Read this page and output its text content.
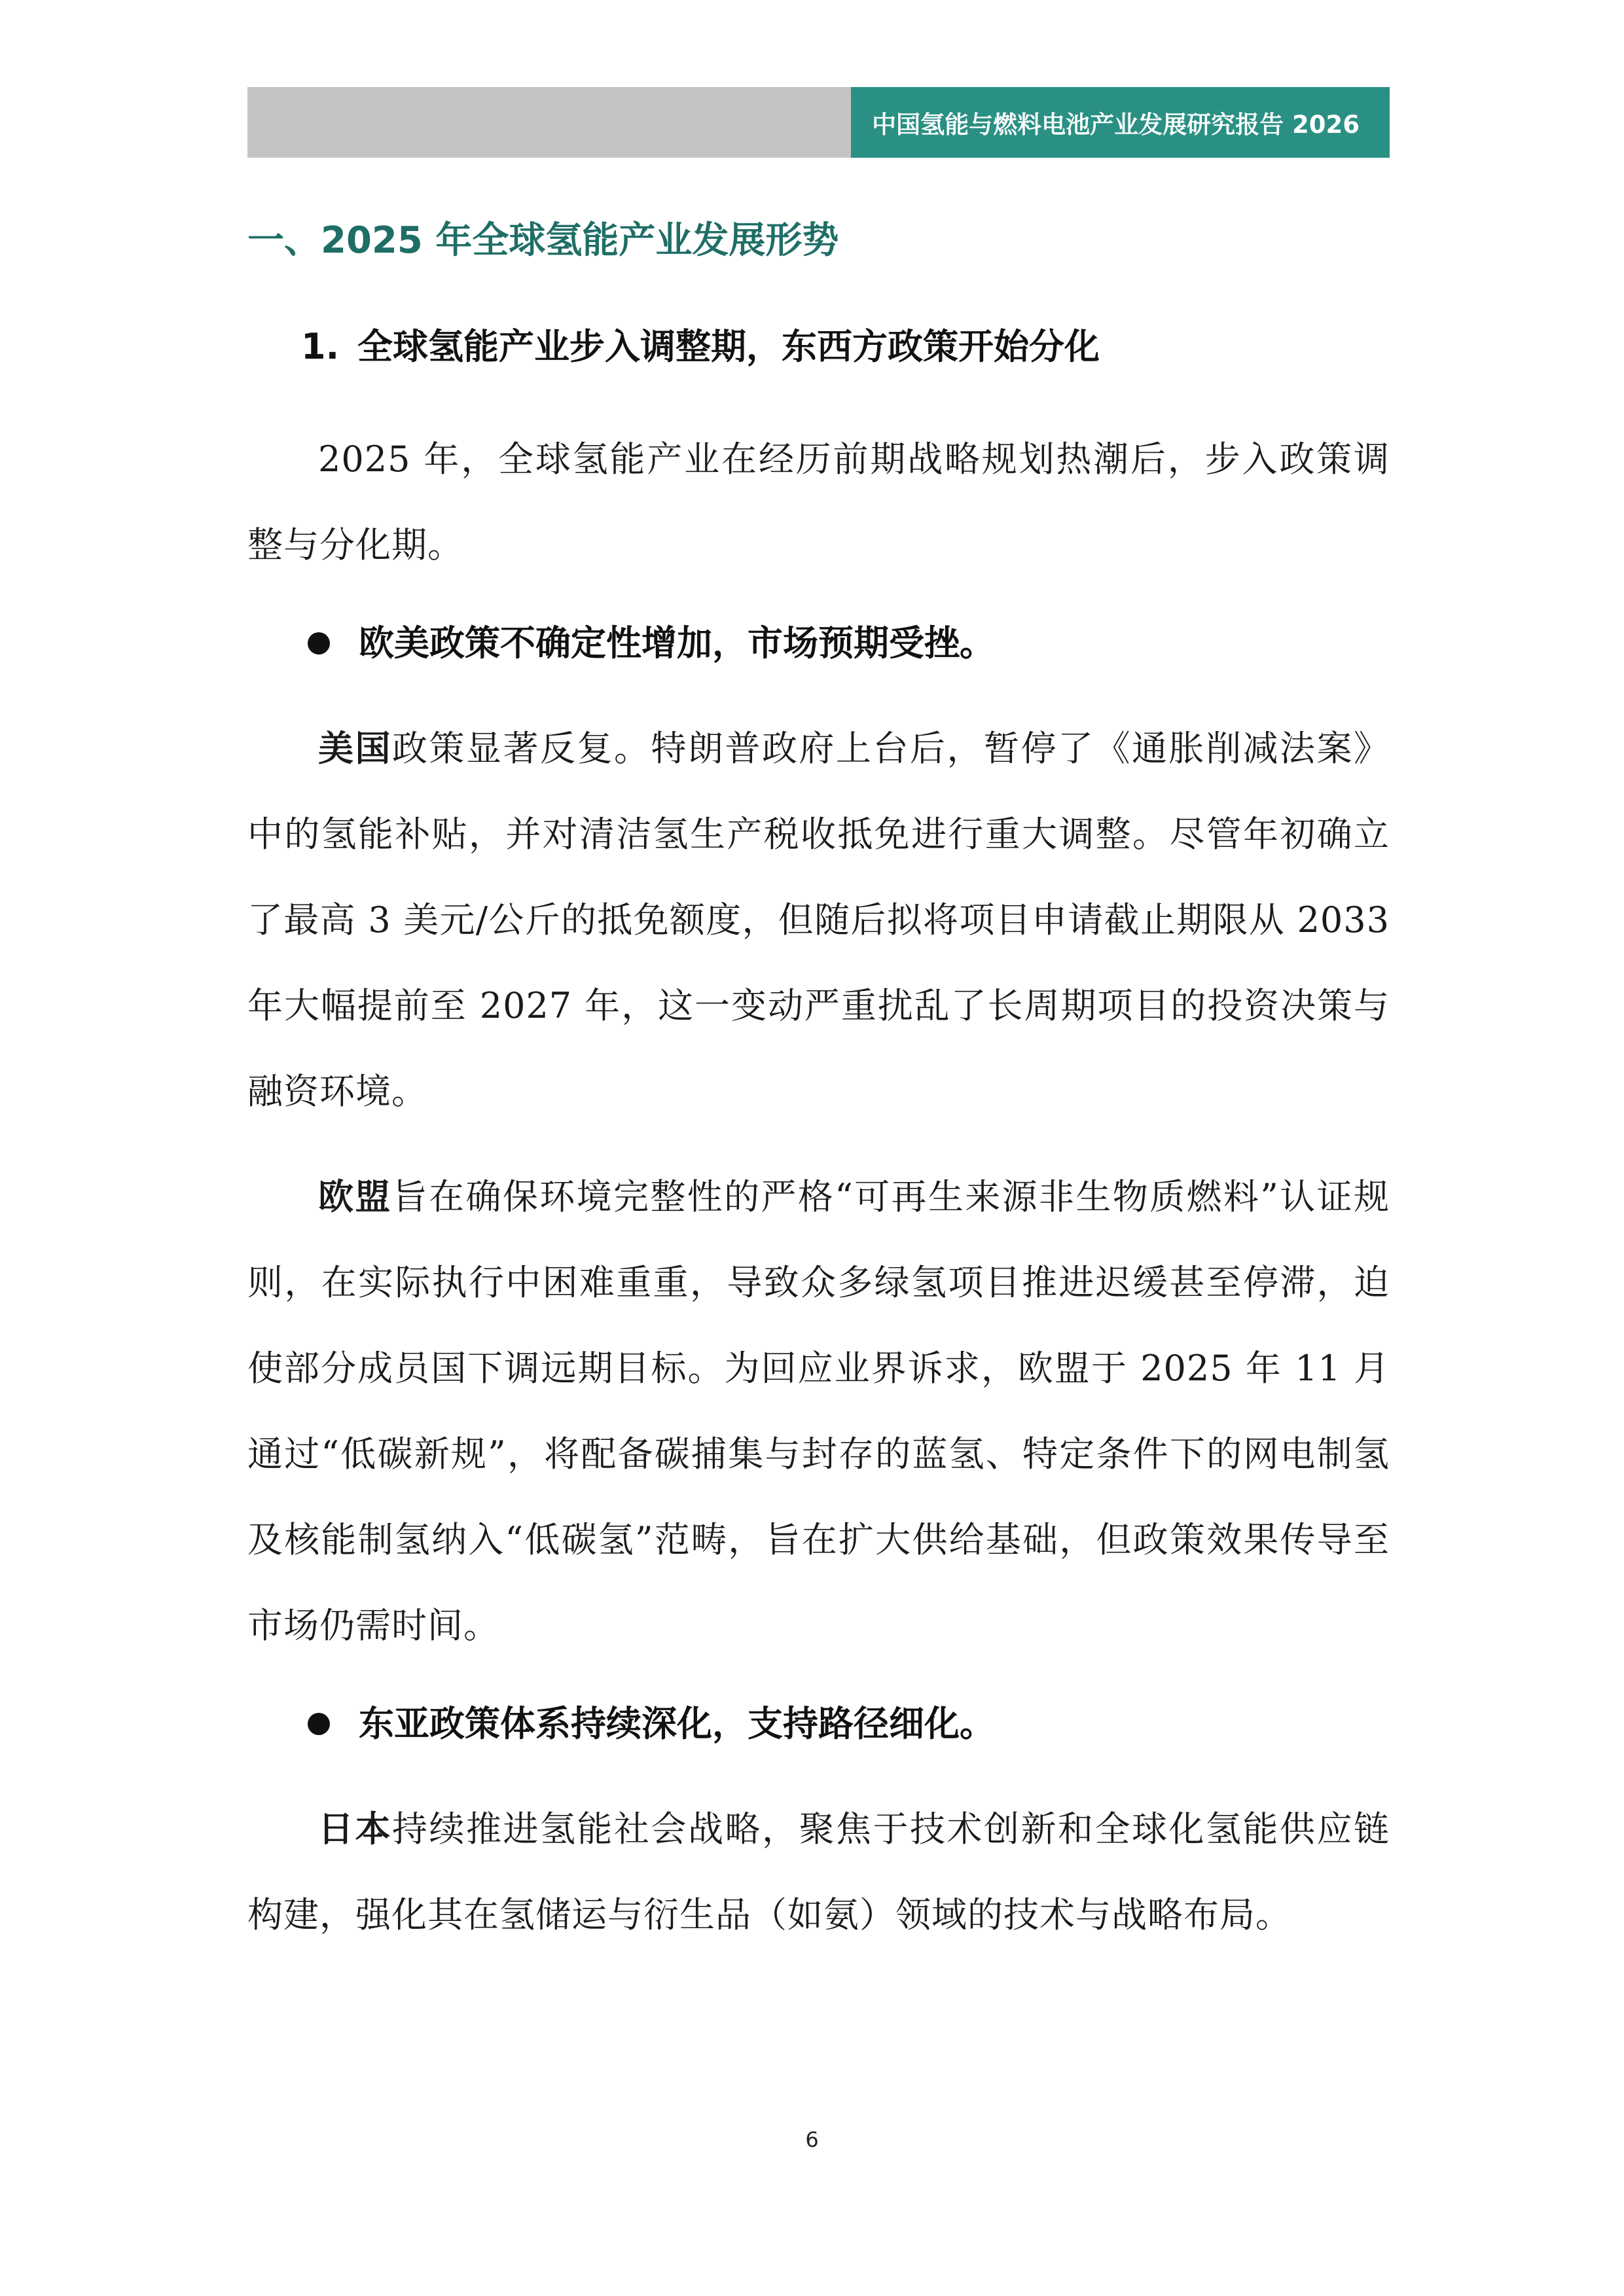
中国氢能与燃料电池产业发展研究报告 2026
一、2025 年全球氢能产业发展形势
1. 全球氢能产业步入调整期，东西方政策开始分化

2025 年，全球氢能产业在经历前期战略规划热潮后，步入政策调整与分化期。

欧美政策不确定性增加，市场预期受挫。

美国政策显著反复。特朗普政府上台后，暂停了《通胀削减法案》中的氢能补贴，并对清洁氢生产税收抵免进行重大调整。尽管年初确立了最高 3 美元/公斤的抵免额度，但随后拟将项目申请截止期限从 2033 年大幅提前至 2027 年，这一变动严重扰乱了长周期项目的投资决策与融资环境。

欧盟旨在确保环境完整性的严格“可再生来源非生物质燃料”认证规则，在实际执行中困难重重，导致众多绿氢项目推进迟缓甚至停滞，迫使部分成员国下调远期目标。为回应业界诉求，欧盟于 2025 年 11 月通过“低碳新规”，将配备碳捕集与封存的蓝氢、特定条件下的网电制氢及核能制氢纳入“低碳氢”范畴，旨在扩大供给基础，但政策效果传导至市场仍需时间。

东亚政策体系持续深化，支持路径细化。

日本持续推进氢能社会战略，聚焦于技术创新和全球化氢能供应链构建，强化其在氢储运与衍生品（如氨）领域的技术与战略布局。

6
